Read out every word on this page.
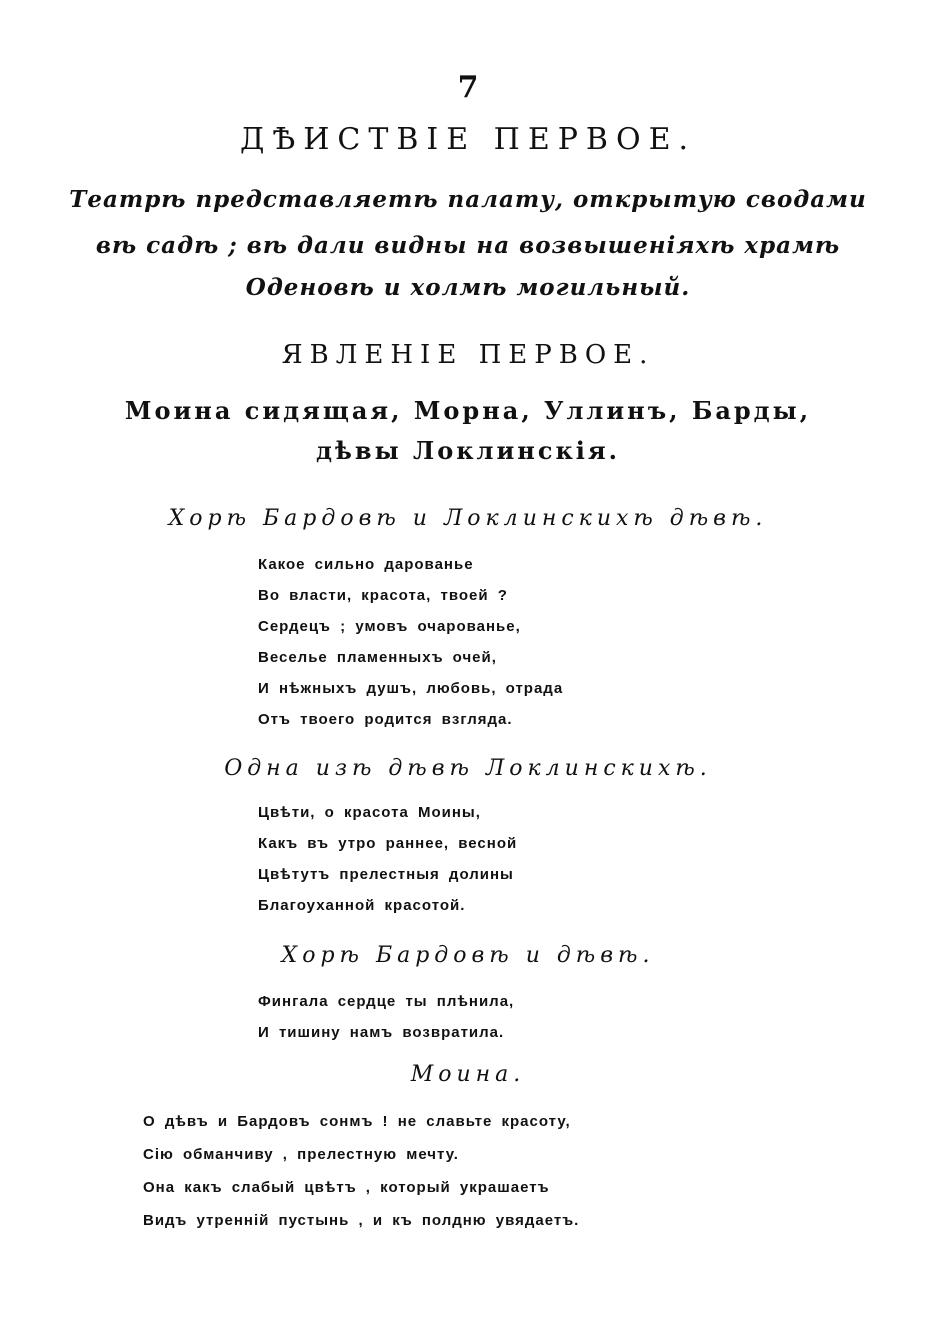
7
ДѢИСТВІЕ ПЕРВОЕ.
Театрѣ представляетѣ палату, открытую сводами
вѣ садѣ ; вѣ дали видны на возвышеніяхѣ храмѣ
Оденовѣ и холмѣ могильный.
ЯВЛЕНІЕ ПЕРВОЕ.
Моина сидящая, Морна, Уллинъ, Барды,
дѣвы Локлинскія.
Хорѣ Бардовѣ и Локлинскихѣ дѣвѣ.
Какое сильно дарованье
Во власти, красота, твоей ?
Сердецъ ; умовъ очарованье,
Веселье пламенныхъ очей,
И нѣжныхъ душъ, любовь, отрада
Отъ твоего родится взгляда.
Одна изѣ дѣвѣ Локлинскихѣ.
Цвѣти, о красота Моины,
Какъ въ утро раннее, весной
Цвѣтутъ прелестныя долины
Благоуханной красотой.
Хорѣ Бардовѣ и дѣвѣ.
Фингала сердце ты плѣнила,
И тишину намъ возвратила.
Моина.
О дѣвъ и Бардовъ сонмъ ! не славьте красоту,
Сію обманчиву , прелестную мечту.
Она какъ слабый цвѣтъ , который украшаетъ
Видъ утренній пустынь , и къ полдню увядаетъ.
